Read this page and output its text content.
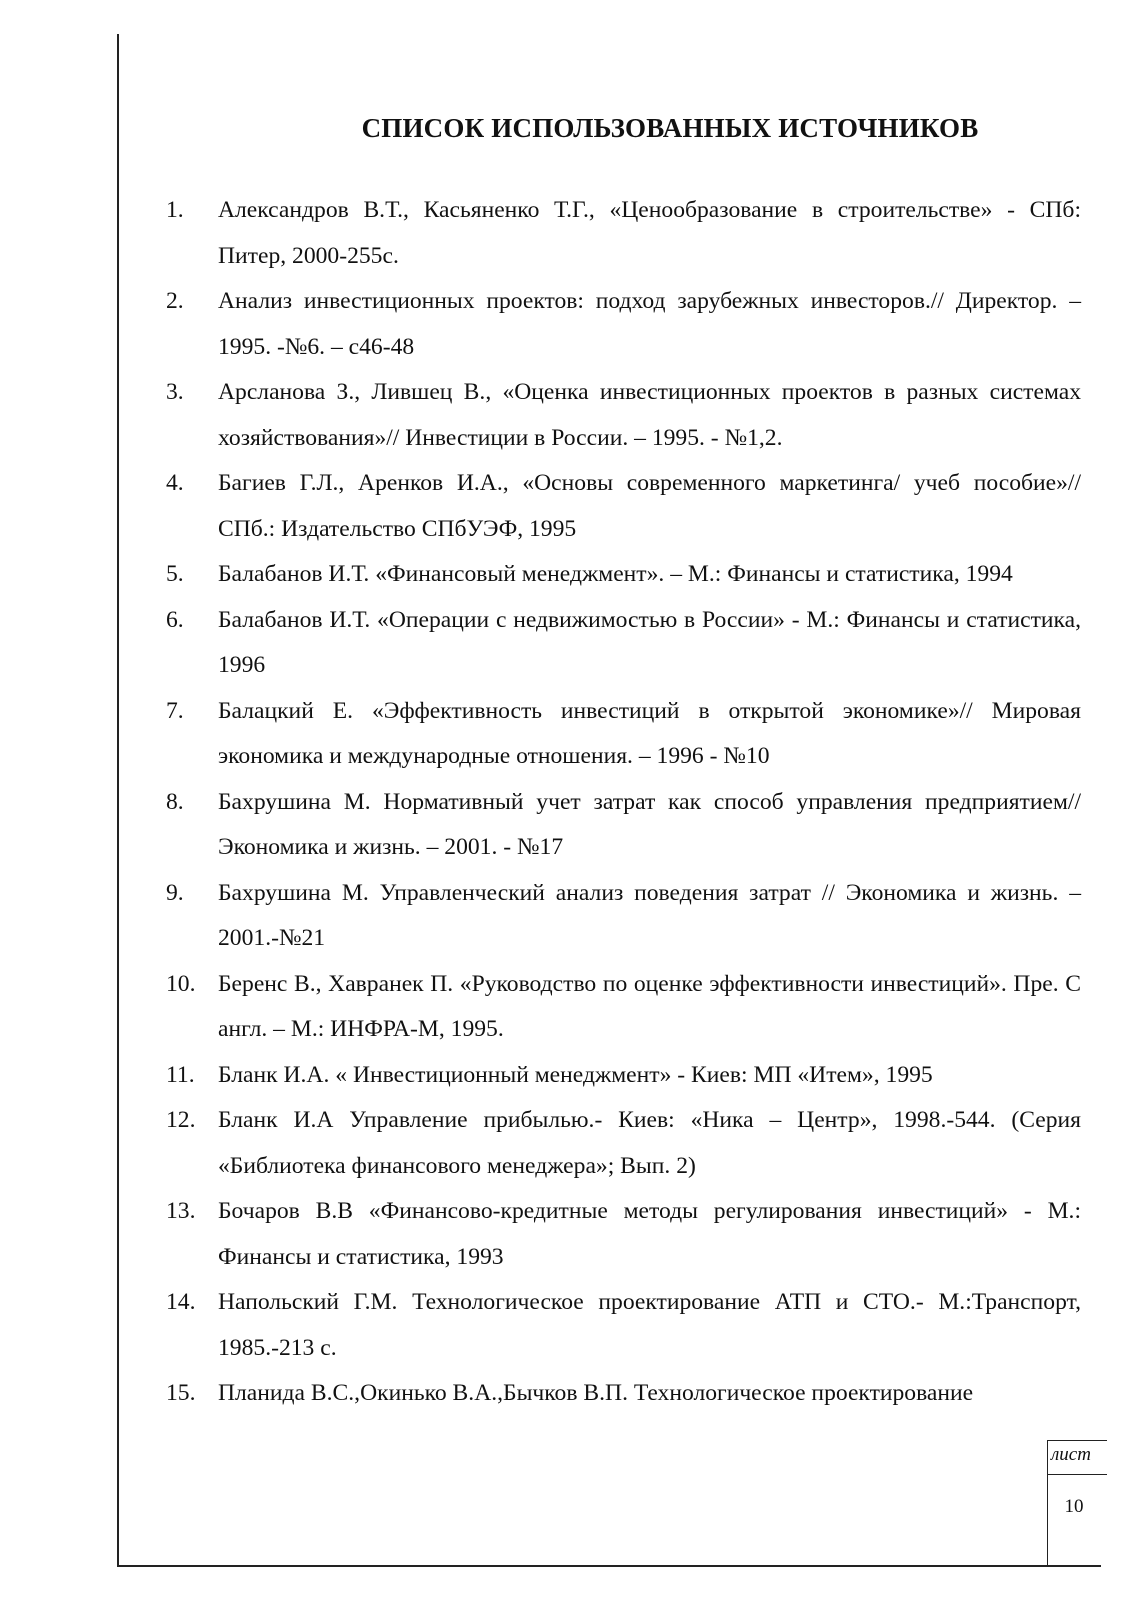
СПИСОК ИСПОЛЬЗОВАННЫХ ИСТОЧНИКОВ
1.	Александров В.Т., Касьяненко Т.Г., «Ценообразование в строительстве» - СПб: Питер, 2000-255с.
2.	Анализ инвестиционных проектов: подход зарубежных инвесторов.// Директор. – 1995. -№6. – с46-48
3.	Арсланова З., Лившец В., «Оценка инвестиционных проектов в разных системах хозяйствования»// Инвестиции в России. – 1995. - №1,2.
4.	Багиев Г.Л., Аренков И.А., «Основы современного маркетинга/ учеб пособие»// СПб.: Издательство СПбУЭФ, 1995
5.	Балабанов И.Т. «Финансовый менеджмент». – М.: Финансы и статистика, 1994
6.	Балабанов И.Т. «Операции с недвижимостью в России» - М.: Финансы и статистика, 1996
7.	Балацкий Е. «Эффективность инвестиций в открытой экономике»// Мировая экономика и международные отношения. – 1996 - №10
8.	Бахрушина М. Нормативный учет затрат как способ управления предприятием// Экономика и жизнь. – 2001. - №17
9.	Бахрушина М. Управленческий анализ поведения затрат // Экономика и жизнь. – 2001.-№21
10. Беренс В., Хавранек П. «Руководство по оценке эффективности инвестиций». Пре. С англ. – М.: ИНФРА-М, 1995.
11. Бланк И.А. « Инвестиционный менеджмент» - Киев: МП «Итем», 1995
12. Бланк И.А Управление прибылью.- Киев: «Ника – Центр», 1998.-544. (Серия «Библиотека финансового менеджера»; Вып. 2)
13. Бочаров В.В «Финансово-кредитные методы регулирования инвестиций» - М.: Финансы и статистика, 1993
14. Напольский Г.М. Технологическое проектирование АТП и СТО.- М.:Транспорт, 1985.-213 с.
15. Планида В.С.,Окинько В.А.,Бычков В.П. Технологическое проектирование
лист
10
